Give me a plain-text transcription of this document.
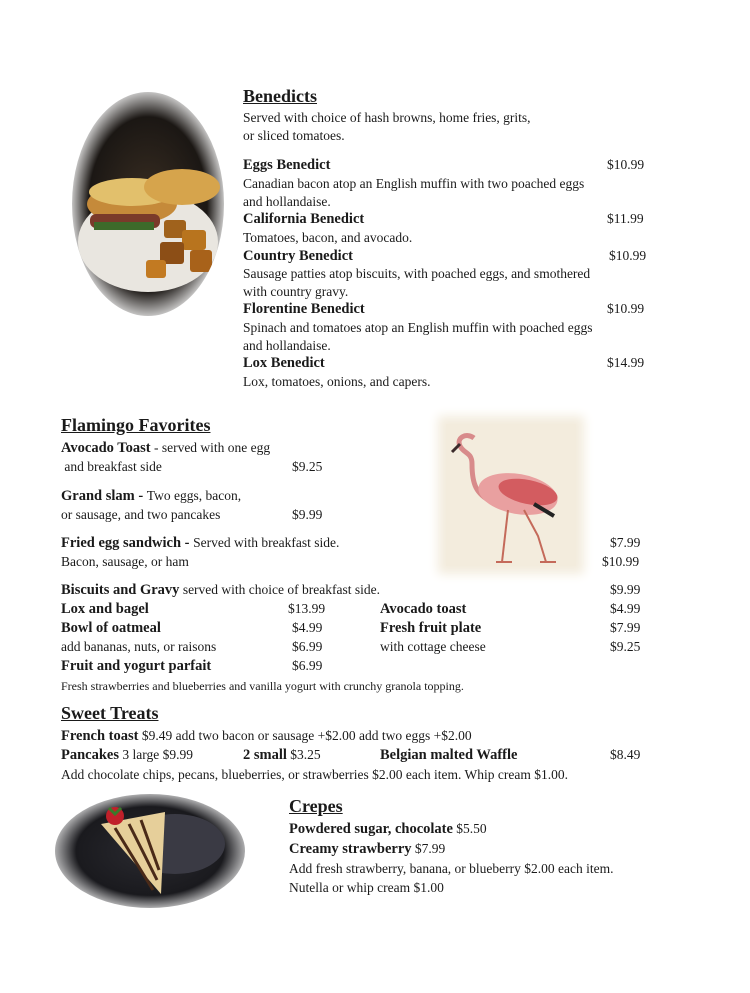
Benedicts
Served with choice of hash browns, home fries, grits,
or sliced tomatoes.
Eggs Benedict	$10.99
Canadian bacon atop an English muffin with two poached eggs
and hollandaise.
California Benedict	$11.99
Tomatoes, bacon, and avocado.
Country Benedict	$10.99
Sausage patties atop biscuits, with poached eggs, and smothered
with country gravy.
Florentine Benedict	$10.99
Spinach and tomatoes atop an English muffin with poached eggs
and hollandaise.
Lox Benedict	$14.99
Lox, tomatoes, onions, and capers.
Flamingo Favorites
Avocado Toast - served with one egg
and breakfast side	$9.25
Grand slam - Two eggs, bacon,
or sausage, and two pancakes	$9.99
Fried egg sandwich - Served with breakfast side.	$7.99
Bacon, sausage, or ham	$10.99
Biscuits and Gravy served with choice of breakfast side.	$9.99
Lox and bagel	$13.99	Avocado toast	$4.99
Bowl of oatmeal	$4.99	Fresh fruit plate	$7.99
add bananas, nuts, or raisons	$6.99	with cottage cheese	$9.25
Fruit and yogurt parfait	$6.99
Fresh strawberries and blueberries and vanilla yogurt with crunchy granola topping.
Sweet Treats
French toast $9.49 add two bacon or sausage +$2.00 add two eggs +$2.00
Pancakes 3 large $9.99	2 small $3.25	Belgian malted Waffle	$8.49
Add chocolate chips, pecans, blueberries, or strawberries $2.00 each item. Whip cream $1.00.
Crepes
Powdered sugar, chocolate $5.50
Creamy strawberry $7.99
Add fresh strawberry, banana, or blueberry $2.00 each item.
Nutella or whip cream $1.00
